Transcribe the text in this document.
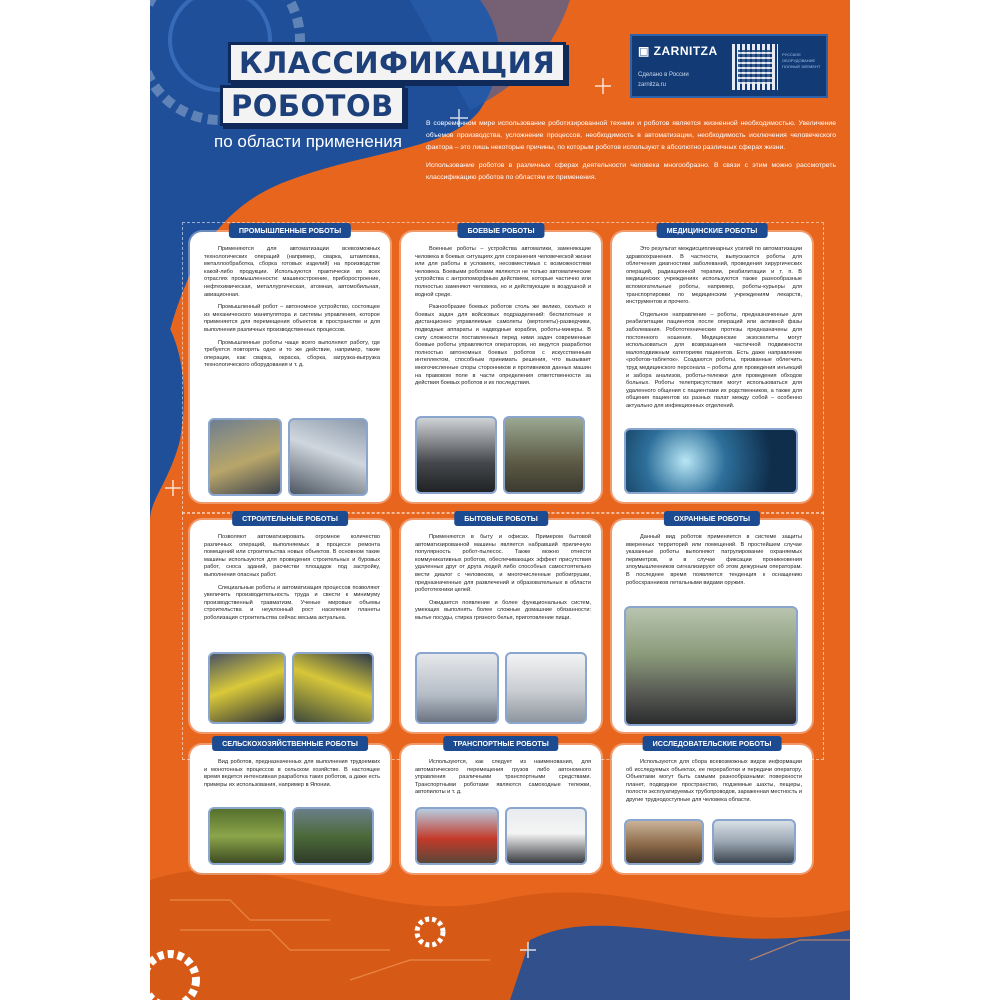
КЛАССИФИКАЦИЯ
РОБОТОВ
по области применения
▣ ZARNITZA
Сделано в России
zarnitza.ru
РУССКОЕ ОБОРУДОВАНИЕ ПОЛНЫЙ ЭЛЕМЕНТ

В современном мире использование роботизированной техники и роботов является жизненной необходимостью. Увеличение объемов производства, усложнение процессов, необходимость в автоматизации, необходимость исключения человеческого фактора – это лишь некоторые причины, по которым роботов используют в абсолютно различных сферах жизни.

Использование роботов в различных сферах деятельности человека многообразно. В связи с этим можно рассмотреть классификацию роботов по областям их применения.

ПРОМЫШЛЕННЫЕ РОБОТЫ

Применяются для автоматизации всевозможных технологических операций (например, сварка, штамповка, металлообработка, сборка готовых изделий) на производстве какой-либо продукции. Используются практически во всех отраслях промышленности: машиностроение, приборостроение, нефтехимическая, металлургическая, атомная, автомобильная, авиационная.

Промышленный робот – автономное устройство, состоящее из механического манипулятора и системы управления, которое применяется для перемещения объектов в пространстве и для выполнения различных производственных процессов.

Промышленные роботы чаще всего выполняют работу, где требуется повторять одно и то же действие, например, такие операции, как: сварка, окраска, сборка, загрузка-выгрузка технологического оборудования и т. д.

БОЕВЫЕ РОБОТЫ

Военные роботы – устройства автоматики, заменяющие человека в боевых ситуациях для сохранения человеческой жизни или для работы в условиях, несовместимых с возможностями человека. Боевыми роботами являются не только автоматические устройства с антропоморфным действием, которые частично или полностью заменяют человека, но и действующие в воздушной и водной среде.

Разнообразие боевых роботов столь же велико, сколько и боевых задач для войсковых подразделений: беспилотные и дистанционно управляемые самолеты (вертолеты)-разведчики, подводные аппараты и надводные корабли, роботы-минеры. В силу сложности поставленных перед ними задач современные боевые роботы управляются оператором, но ведутся разработки полностью автономных боевых роботов с искусственным интеллектом, способным принимать решения, что вызывает многочисленные споры сторонников и противников данных машин на правовом поле в части определения ответственности за действия боевых роботов и их последствия.

МЕДИЦИНСКИЕ РОБОТЫ

Это результат междисциплинарных усилий по автоматизации здравоохранения. В частности, выпускаются роботы для облегчения диагностики заболеваний, проведения хирургических операций, радиационной терапии, реабилитации и т. п. В медицинских учреждениях используются также разнообразные вспомогательные роботы, например, роботы-курьеры для транспортировки по медицинским учреждениям лекарств, инструментов и прочего.

Отдельное направление – роботы, предназначенные для реабилитации пациентов после операций или активной фазы заболевания. Робототехнические протезы предназначены для постоянного ношения. Медицинские экзоскелеты могут использоваться для возвращения частичной подвижности малоподвижным категориям пациентов. Есть даже направление «роботов-таблеток». Создаются роботы, призванные облегчить труд медицинского персонала – роботы для проведения инъекций и забора анализов, роботы-тележки для проведения обходов больных. Роботы телеприсутствия могут использоваться для удаленного общения с пациентами их родственников, а также для общения пациентов из разных палат между собой – особенно актуально для инфекционных отделений.

СТРОИТЕЛЬНЫЕ РОБОТЫ

Позволяют автоматизировать огромное количество различных операций, выполняемых в процессе ремонта помещений или строительства новых объектов. В основном такие машины используются для проведения строительных и буровых работ, сноса зданий, расчистки площадок под застройку, выполнения опасных работ.

Специальные роботы и автоматизация процессов позволяют увеличить производительность труда и свести к минимуму производственный травматизм. Ученые мировые объемы строительства и неуклонный рост населения планеты роболизация строительства сейчас весьма актуальна.

БЫТОВЫЕ РОБОТЫ

Применяются в быту и офисах. Примером бытовой автоматизированной машины является набравший приличную популярность робот-пылесос. Также можно отнести коммуникативных роботов, обеспечивающих эффект присутствия удаленных друг от друга людей либо способных самостоятельно вести диалог с человеком, и многочисленные робоигрушки, предназначенные для развлечений и образовательных в области робототехники целей.

Ожидается появление и более функциональных систем, умеющих выполнять более сложные домашние обязанности: мытье посуды, стирка грязного белья, приготовление пищи.

ОХРАННЫЕ РОБОТЫ

Данный вид роботов применяется в системе защиты вверенных территорий или помещений. В простейшем случае указанные роботы выполняют патрулирование охраняемых периметров, и в случае фиксации проникновения злоумышленников сигнализируют об этом дежурным операторам. В последнее время появляется тенденция к оснащению робосхранников летальными видами оружия.

СЕЛЬСКОХОЗЯЙСТВЕННЫЕ РОБОТЫ

Вид роботов, предназначенных для выполнения трудоемких и монотонных процессов в сельском хозяйстве. В настоящее время ведется интенсивная разработка таких роботов, а даже есть примеры их использования, например в Японии.

ТРАНСПОРТНЫЕ РОБОТЫ

Используются, как следует из наименования, для автоматического перемещения грузов либо автономного управления различными транспортными средствами. Транспортными роботами являются самоходные тележки, автопилоты и т. д.

ИССЛЕДОВАТЕЛЬСКИЕ РОБОТЫ

Используются для сбора всевозможных видов информации об исследуемых объектах, ее переработки и передачи оператору. Объектами могут быть самыми разнообразными: поверхности планет, подводное пространство, подземные шахты, пещеры, полости эксплуатируемых трубопроводов, зараженная местность и другие труднодоступные для человека области.
